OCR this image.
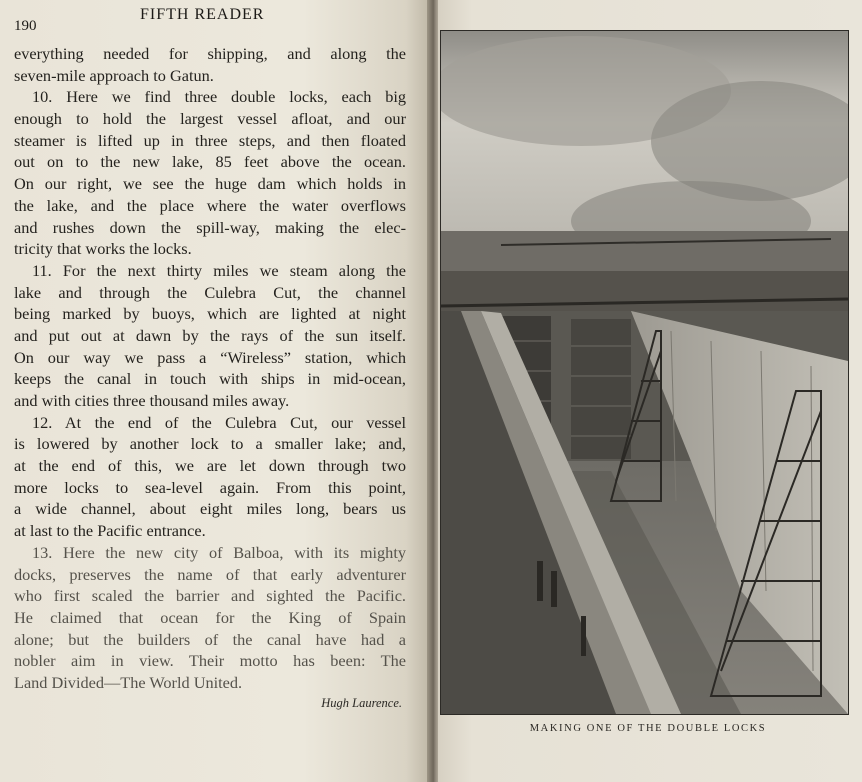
190
FIFTH READER
everything needed for shipping, and along the
seven-mile approach to Gatun.
10. Here we find three double locks, each big
enough to hold the largest vessel afloat, and our
steamer is lifted up in three steps, and then floated
out on to the new lake, 85 feet above the ocean.
On our right, we see the huge dam which holds in
the lake, and the place where the water overflows
and rushes down the spill-way, making the elec-
tricity that works the locks.
11. For the next thirty miles we steam along the
lake and through the Culebra Cut, the channel
being marked by buoys, which are lighted at night
and put out at dawn by the rays of the sun itself.
On our way we pass a “Wireless” station, which
keeps the canal in touch with ships in mid-ocean,
and with cities three thousand miles away.
12. At the end of the Culebra Cut, our vessel
is lowered by another lock to a smaller lake; and,
at the end of this, we are let down through two
more locks to sea-level again. From this point,
a wide channel, about eight miles long, bears us
at last to the Pacific entrance.
13. Here the new city of Balboa, with its mighty
docks, preserves the name of that early adventurer
who first scaled the barrier and sighted the Pacific.
He claimed that ocean for the King of Spain
alone; but the builders of the canal have had a
nobler aim in view. Their motto has been: The
Land Divided—The World United.
Hugh Laurence.
MAKING ONE OF THE DOUBLE LOCKS
